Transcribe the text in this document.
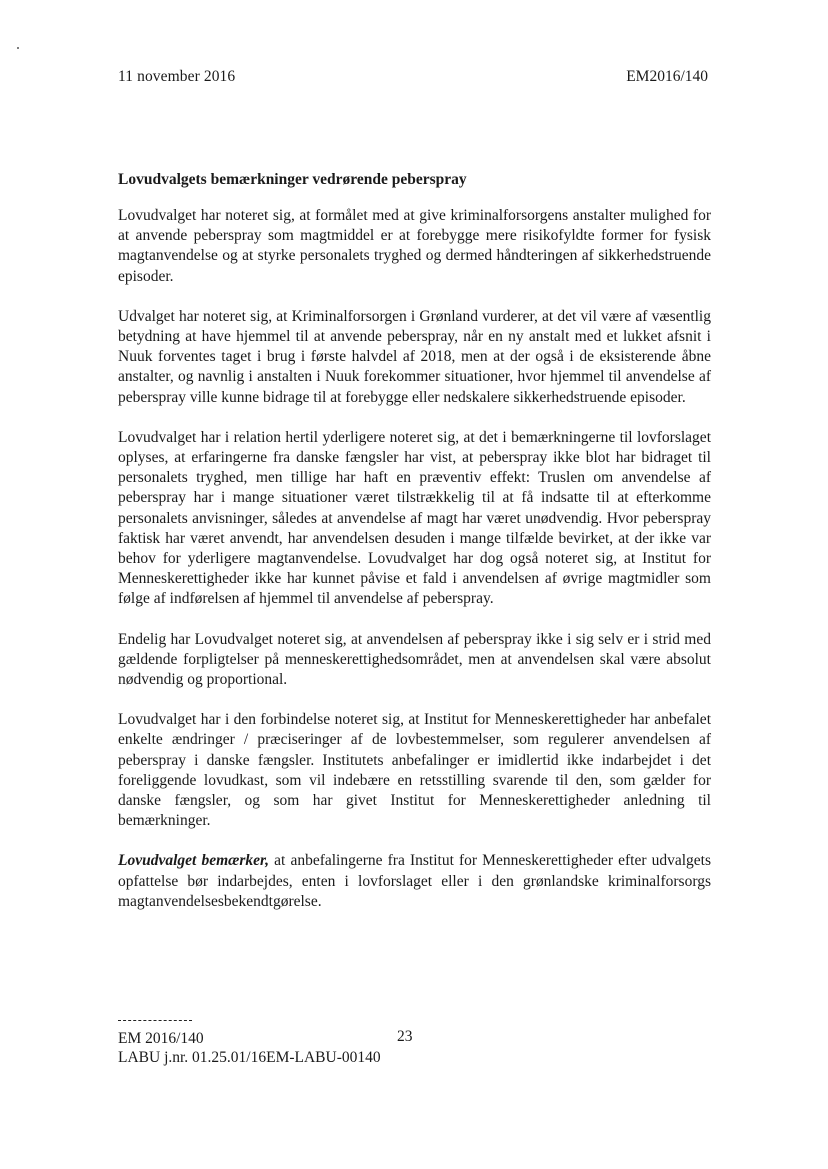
11 november 2016	EM2016/140
Lovudvalgets bemærkninger vedrørende peberspray

Lovudvalget har noteret sig, at formålet med at give kriminalforsorgens anstalter mulighed for at anvende peberspray som magtmiddel er at forebygge mere risikofyldte former for fysisk magtanvendelse og at styrke personalets tryghed og dermed håndteringen af sikkerhedstruende episoder.

Udvalget har noteret sig, at Kriminalforsorgen i Grønland vurderer, at det vil være af væsentlig betydning at have hjemmel til at anvende peberspray, når en ny anstalt med et lukket afsnit i Nuuk forventes taget i brug i første halvdel af 2018, men at der også i de eksisterende åbne anstalter, og navnlig i anstalten i Nuuk forekommer situationer, hvor hjemmel til anvendelse af peberspray ville kunne bidrage til at forebygge eller nedskalere sikkerhedstruende episoder.

Lovudvalget har i relation hertil yderligere noteret sig, at det i bemærkningerne til lovforslaget oplyses, at erfaringerne fra danske fængsler har vist, at peberspray ikke blot har bidraget til personalets tryghed, men tillige har haft en præventiv effekt: Truslen om anvendelse af peberspray har i mange situationer været tilstrækkelig til at få indsatte til at efterkomme personalets anvisninger, således at anvendelse af magt har været unødvendig. Hvor peberspray faktisk har været anvendt, har anvendelsen desuden i mange tilfælde bevirket, at der ikke var behov for yderligere magtanvendelse. Lovudvalget har dog også noteret sig, at Institut for Menneskerettigheder ikke har kunnet påvise et fald i anvendelsen af øvrige magtmidler som følge af indførelsen af hjemmel til anvendelse af peberspray.

Endelig har Lovudvalget noteret sig, at anvendelsen af peberspray ikke i sig selv er i strid med gældende forpligtelser på menneskerettighedsområdet, men at anvendelsen skal være absolut nødvendig og proportional.

Lovudvalget har i den forbindelse noteret sig, at Institut for Menneskerettigheder har anbefalet enkelte ændringer / præciseringer af de lovbestemmelser, som regulerer anvendelsen af peberspray i danske fængsler. Institutets anbefalinger er imidlertid ikke indarbejdet i det foreliggende lovudkast, som vil indebære en retsstilling svarende til den, som gælder for danske fængsler, og som har givet Institut for Menneskerettigheder anledning til bemærkninger.

Lovudvalget bemærker, at anbefalingerne fra Institut for Menneskerettigheder efter udvalgets opfattelse bør indarbejdes, enten i lovforslaget eller i den grønlandske kriminalforsorgs magtanvendelsesbekendtgørelse.

23
EM 2016/140
LABU j.nr. 01.25.01/16EM-LABU-00140
